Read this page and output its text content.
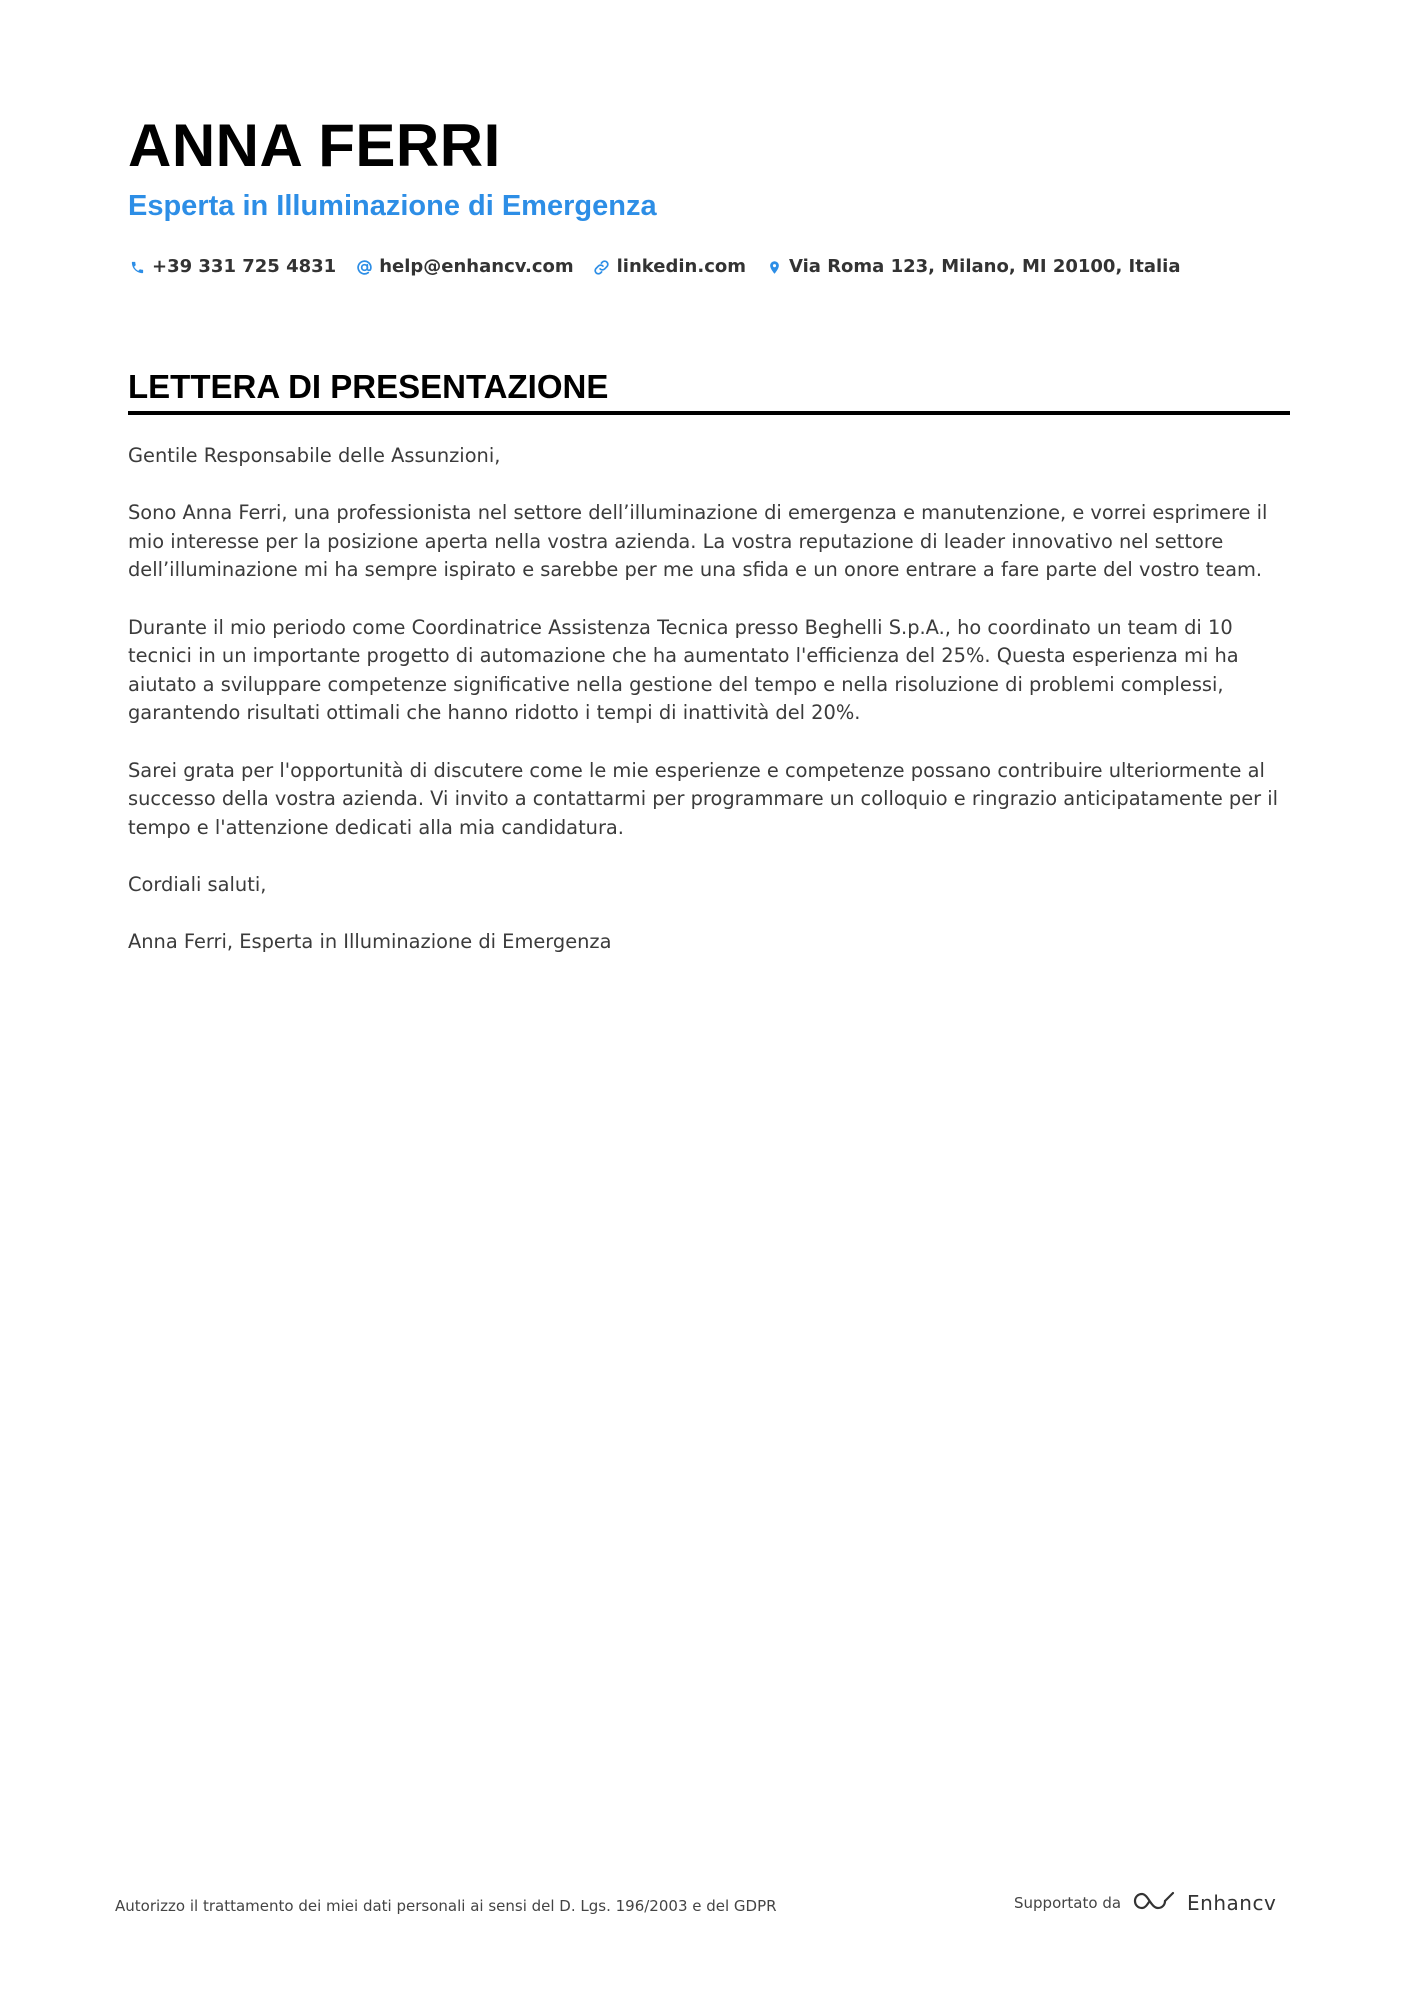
ANNA FERRI
Esperta in Illuminazione di Emergenza
+39 331 725 4831 help@enhancv.com linkedin.com Via Roma 123, Milano, MI 20100, Italia
LETTERA DI PRESENTAZIONE

Gentile Responsabile delle Assunzioni,

Sono Anna Ferri, una professionista nel settore dell’illuminazione di emergenza e manutenzione, e vorrei esprimere il mio interesse per la posizione aperta nella vostra azienda. La vostra reputazione di leader innovativo nel settore dell’illuminazione mi ha sempre ispirato e sarebbe per me una sfida e un onore entrare a fare parte del vostro team.

Durante il mio periodo come Coordinatrice Assistenza Tecnica presso Beghelli S.p.A., ho coordinato un team di 10 tecnici in un importante progetto di automazione che ha aumentato l'efficienza del 25%. Questa esperienza mi ha aiutato a sviluppare competenze significative nella gestione del tempo e nella risoluzione di problemi complessi, garantendo risultati ottimali che hanno ridotto i tempi di inattività del 20%.

Sarei grata per l'opportunità di discutere come le mie esperienze e competenze possano contribuire ulteriormente al successo della vostra azienda. Vi invito a contattarmi per programmare un colloquio e ringrazio anticipatamente per il tempo e l'attenzione dedicati alla mia candidatura.

Cordiali saluti,

Anna Ferri, Esperta in Illuminazione di Emergenza

Autorizzo il trattamento dei miei dati personali ai sensi del D. Lgs. 196/2003 e del GDPR	Supportato da	Enhancv
